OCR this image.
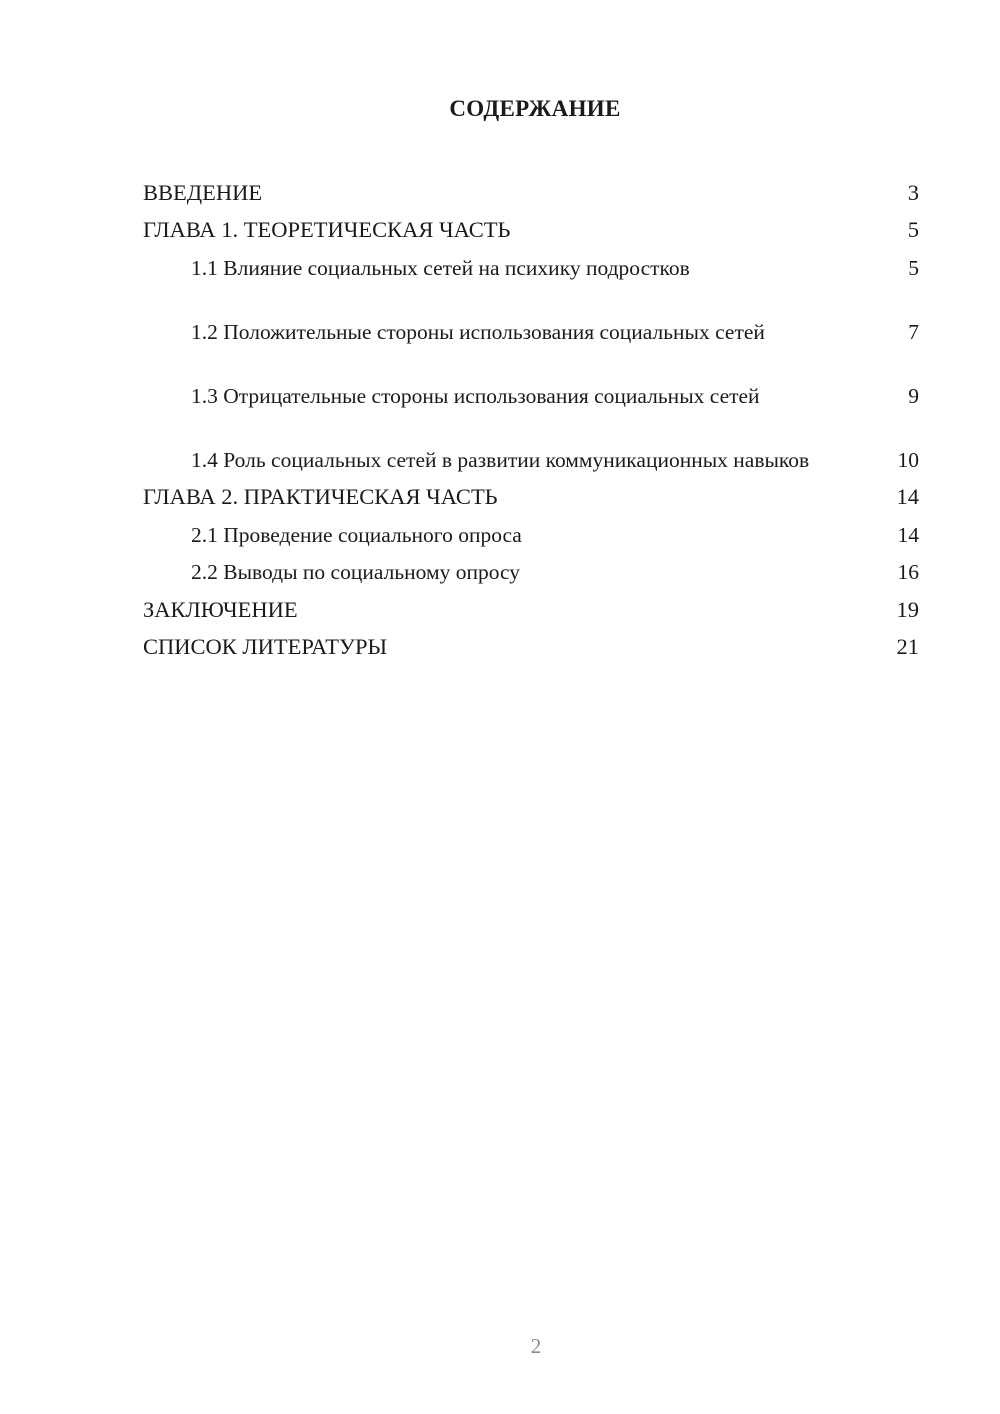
СОДЕРЖАНИЕ
ВВЕДЕНИЕ	3
ГЛАВА 1. ТЕОРЕТИЧЕСКАЯ ЧАСТЬ	5
1.1 Влияние социальных сетей на психику подростков	5
1.2 Положительные стороны использования социальных сетей	7
1.3 Отрицательные стороны использования социальных сетей	9
1.4 Роль социальных сетей в развитии коммуникационных навыков	10
ГЛАВА 2. ПРАКТИЧЕСКАЯ ЧАСТЬ	14
2.1 Проведение социального опроса	14
2.2 Выводы по социальному опросу	16
ЗАКЛЮЧЕНИЕ	19
СПИСОК ЛИТЕРАТУРЫ	21
2
